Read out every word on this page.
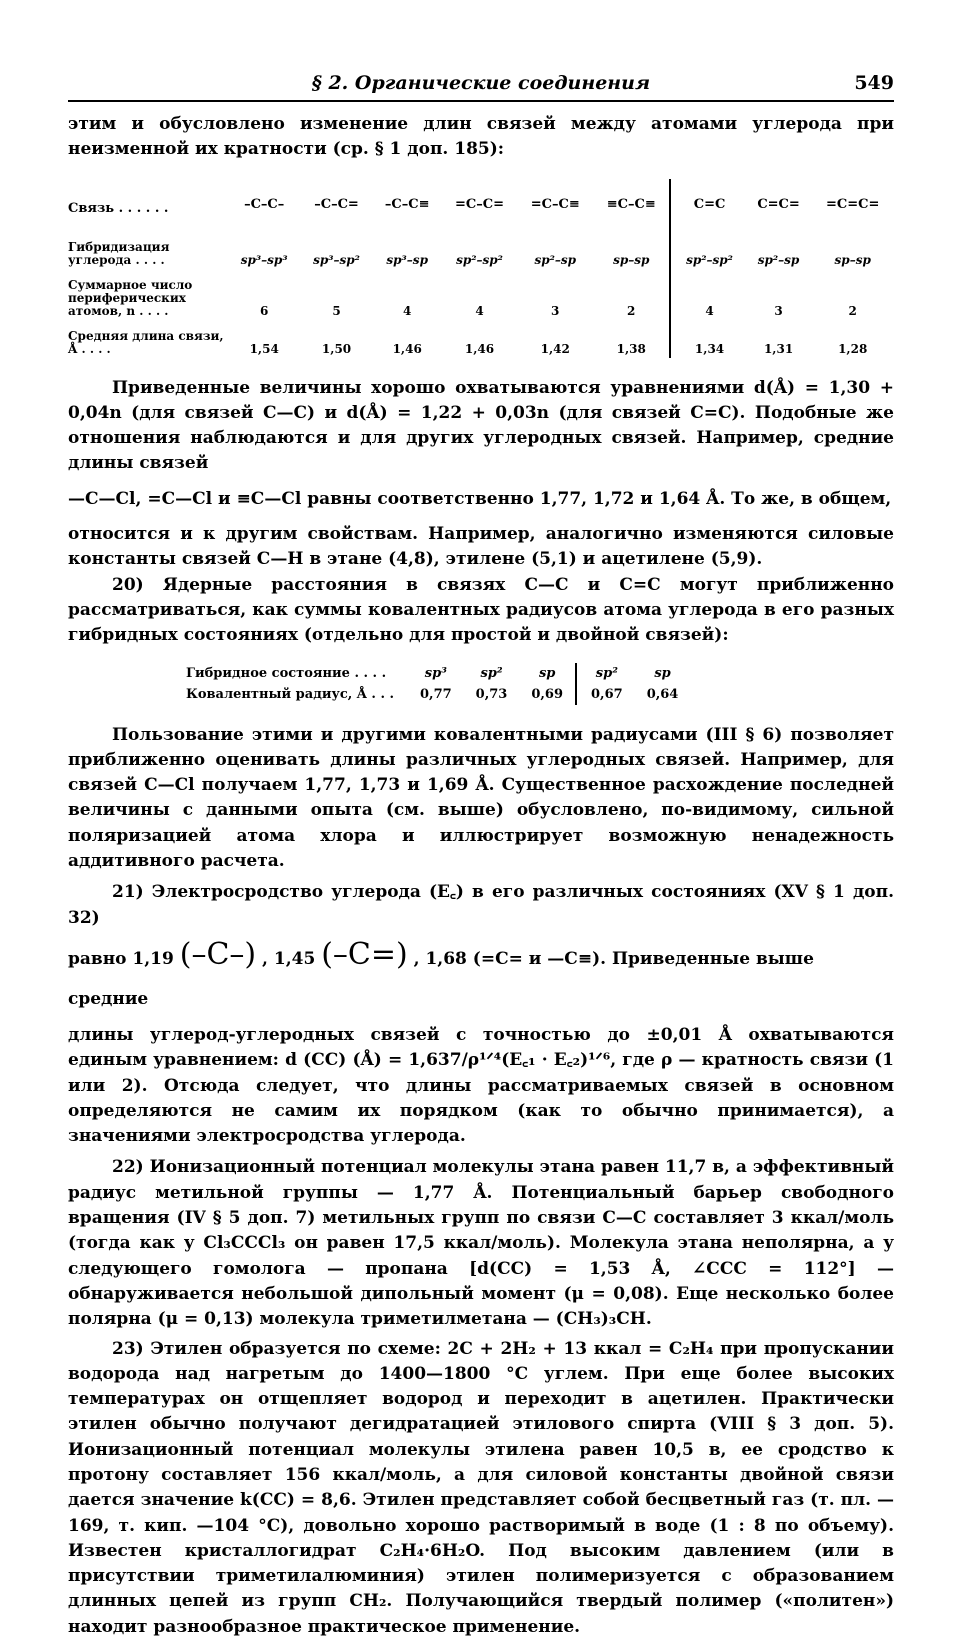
§ 2. Органические соединения	549

этим и обусловлено изменение длин связей между атомами углерода при неизменной их кратности (ср. § 1 доп. 185):

Связь . . . . . .	–C–C–	–C–C=	–C–C≡	=C–C=	=C–C≡	≡C–C≡		C=C	C=C=	=C=C=
Гибридизация углерода . . . .	sp³–sp³	sp³–sp²	sp³–sp	sp²–sp²	sp²–sp	sp–sp		sp²–sp²	sp²–sp	sp–sp
Суммарное число периферических атомов, n . . . .	6	5	4	4	3	2		4	3	2
Средняя длина связи, Å . . . .	1,54	1,50	1,46	1,46	1,42	1,38		1,34	1,31	1,28

Приведенные величины хорошо охватываются уравнениями d(Å) = 1,30 + 0,04n (для связей C—C) и d(Å) = 1,22 + 0,03n (для связей C=C). Подобные же отношения наблюдаются и для других углеродных связей. Например, средние длины связей

—C—Cl, =C—Cl и ≡C—Cl равны соответственно 1,77, 1,72 и 1,64 Å. То же, в общем,

относится и к другим свойствам. Например, аналогично изменяются силовые константы связей C—H в этане (4,8), этилене (5,1) и ацетилене (5,9).

20) Ядерные расстояния в связях C—C и C=C могут приближенно рассматриваться, как суммы ковалентных радиусов атома углерода в его разных гибридных состояниях (отдельно для простой и двойной связей):

Гибридное состояние . . . .	sp³	sp²	sp		sp²	sp
Ковалентный радиус, Å . . .	0,77	0,73	0,69		0,67	0,64

Пользование этими и другими ковалентными радиусами (III § 6) позволяет приближенно оценивать длины различных углеродных связей. Например, для связей C—Cl получаем 1,77, 1,73 и 1,69 Å. Существенное расхождение последней величины с данными опыта (см. выше) обусловлено, по-видимому, сильной поляризацией атома хлора и иллюстрирует возможную ненадежность аддитивного расчета.

21) Электросродство углерода (E꜀) в его различных состояниях (XV § 1 доп. 32)

равно 1,19 (–C–) , 1,45 (–C=) , 1,68 (=C= и —C≡). Приведенные выше средние

длины углерод-углеродных связей с точностью до ±0,01 Å охватываются единым уравнением: d (CC) (Å) = 1,637/ρ¹ᐟ⁴(E꜀₁ · E꜀₂)¹ᐟ⁶, где ρ — кратность связи (1 или 2). Отсюда следует, что длины рассматриваемых связей в основном определяются не самим их порядком (как то обычно принимается), а значениями электросродства углерода.

22) Ионизационный потенциал молекулы этана равен 11,7 в, а эффективный радиус метильной группы — 1,77 Å. Потенциальный барьер свободного вращения (IV § 5 доп. 7) метильных групп по связи C—C составляет 3 ккал/моль (тогда как у Cl₃CCCl₃ он равен 17,5 ккал/моль). Молекула этана неполярна, а у следующего гомолога — пропана [d(CC) = 1,53 Å, ∠CCC = 112°] — обнаруживается небольшой дипольный момент (μ = 0,08). Еще несколько более полярна (μ = 0,13) молекула триметилметана — (CH₃)₃CH.

23) Этилен образуется по схеме: 2C + 2H₂ + 13 ккал = C₂H₄ при пропускании водорода над нагретым до 1400—1800 °C углем. При еще более высоких температурах он отщепляет водород и переходит в ацетилен. Практически этилен обычно получают дегидратацией этилового спирта (VIII § 3 доп. 5). Ионизационный потенциал молекулы этилена равен 10,5 в, ее сродство к протону составляет 156 ккал/моль, а для силовой константы двойной связи дается значение k(CC) = 8,6. Этилен представляет собой бесцветный газ (т. пл. —169, т. кип. —104 °C), довольно хорошо растворимый в воде (1 : 8 по объему). Известен кристаллогидрат C₂H₄·6H₂O. Под высоким давлением (или в присутствии триметилалюминия) этилен полимеризуется с образованием длинных цепей из групп CH₂. Получающийся твердый полимер («политен») находит разнообразное практическое применение.
